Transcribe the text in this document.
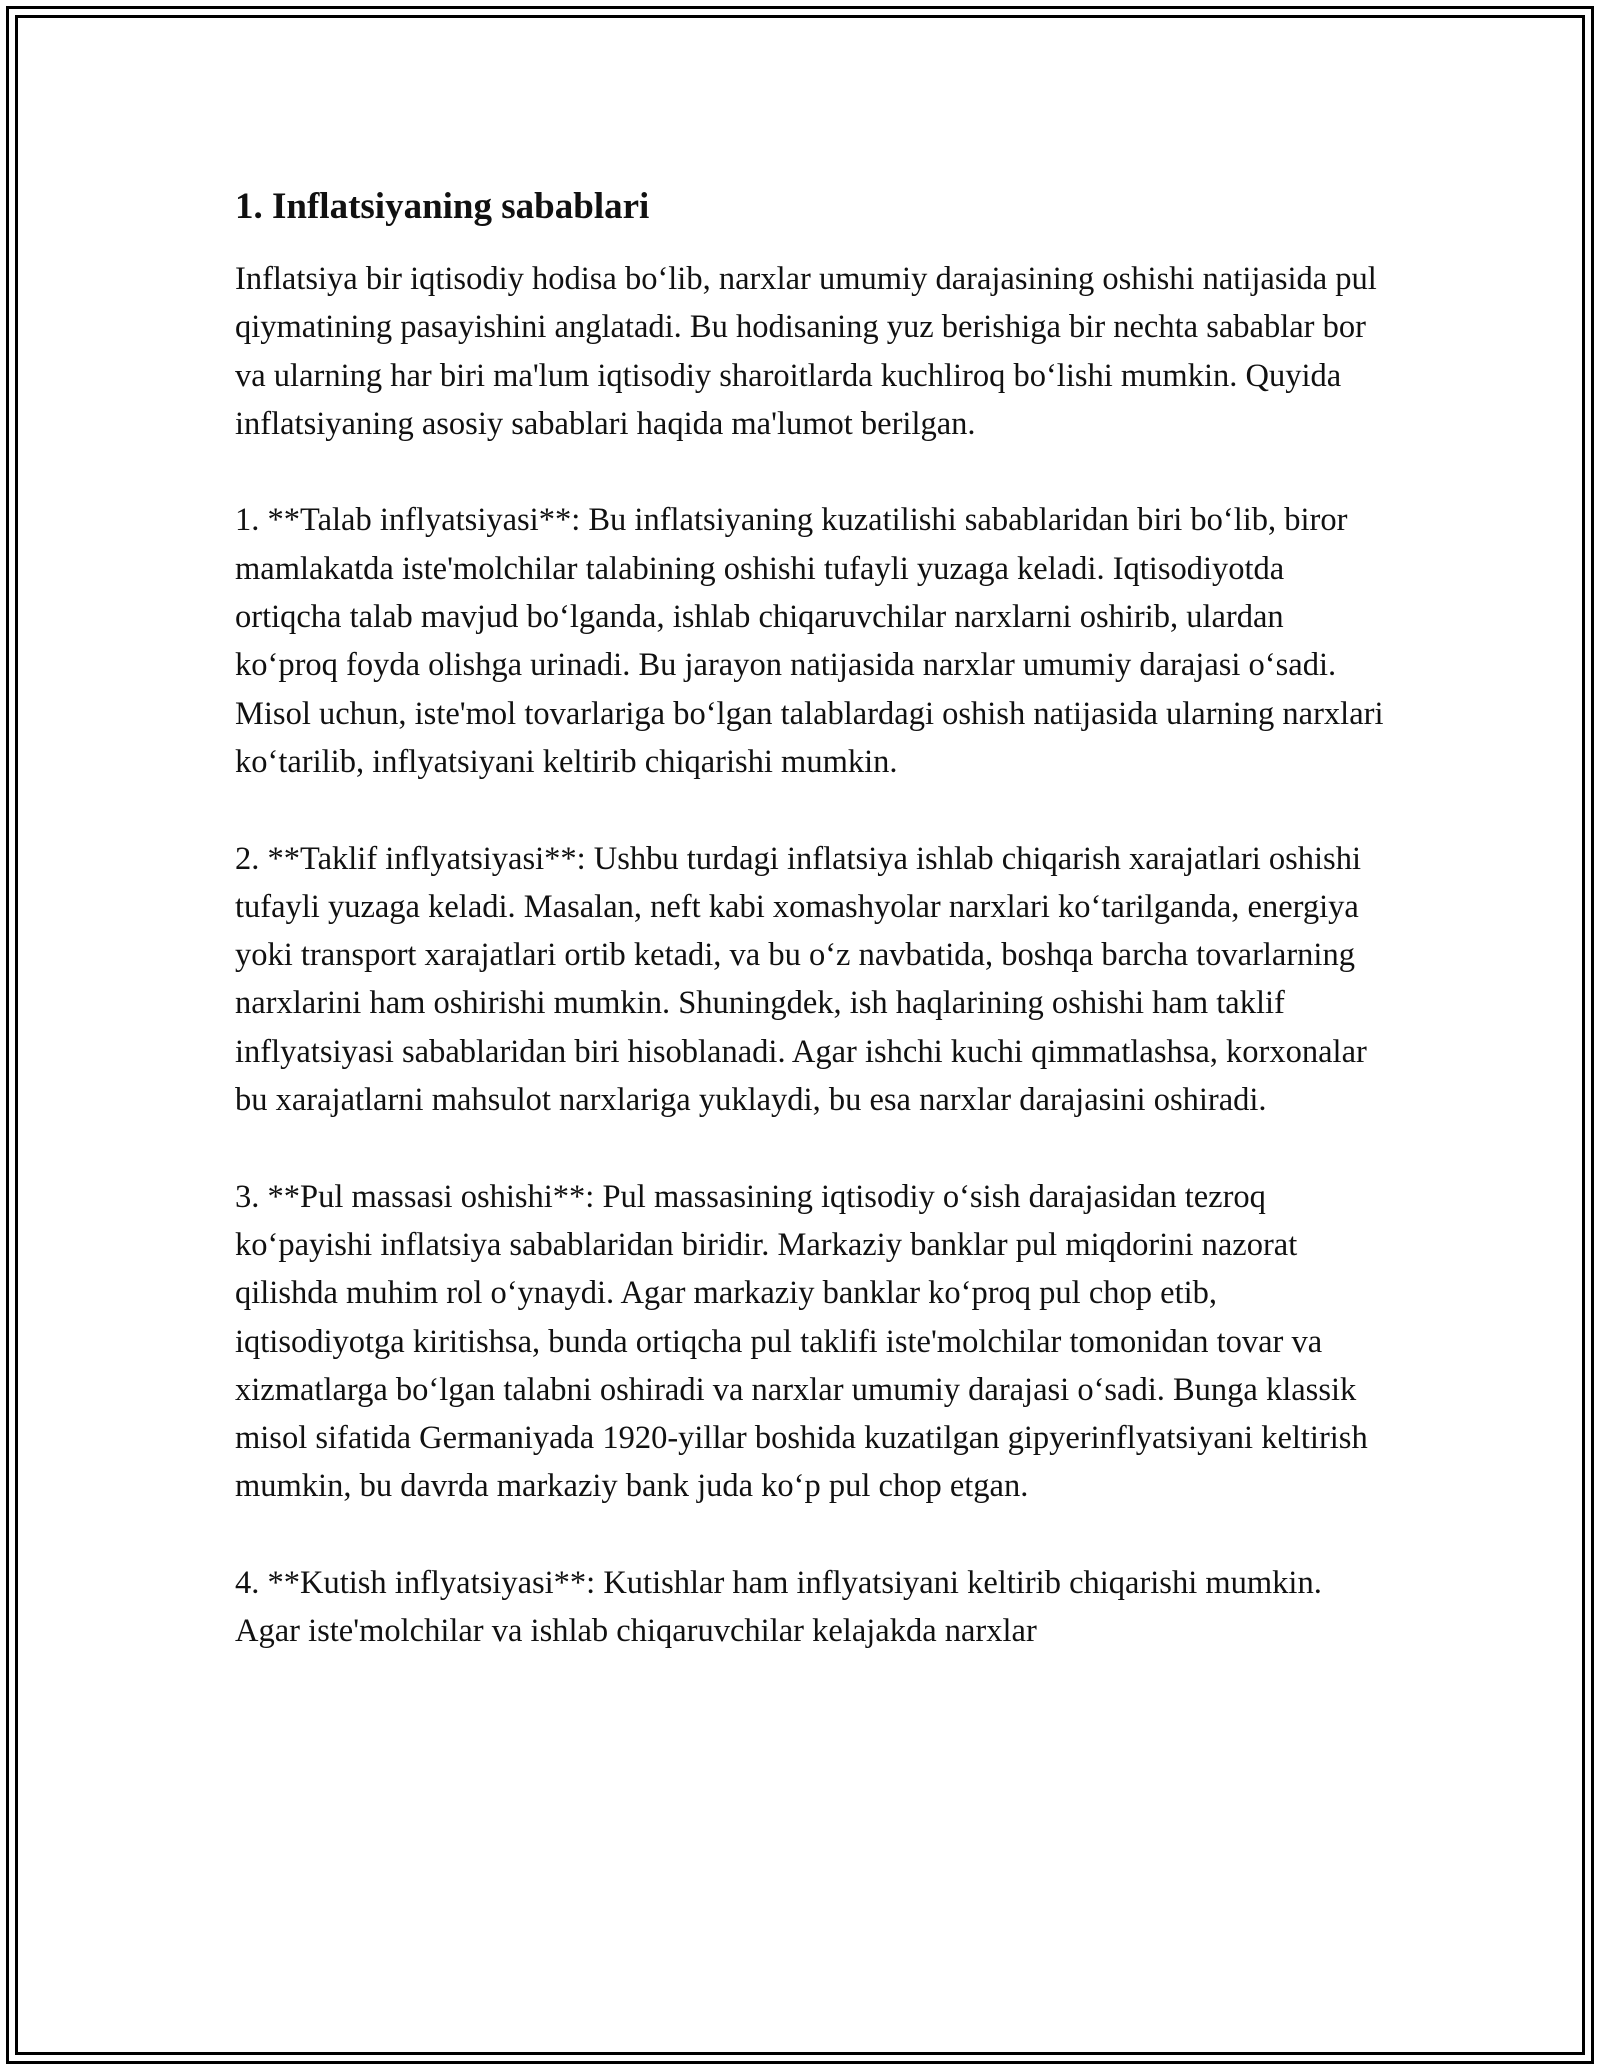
1. Inflatsiyaning sabablari

Inflatsiya bir iqtisodiy hodisa bo‘lib, narxlar umumiy darajasining oshishi natijasida pul qiymatining pasayishini anglatadi. Bu hodisaning yuz berishiga bir nechta sabablar bor va ularning har biri ma'lum iqtisodiy sharoitlarda kuchliroq bo‘lishi mumkin. Quyida inflatsiyaning asosiy sabablari haqida ma'lumot berilgan.

1. **Talab inflyatsiyasi**: Bu inflatsiyaning kuzatilishi sabablaridan biri bo‘lib, biror mamlakatda iste'molchilar talabining oshishi tufayli yuzaga keladi. Iqtisodiyotda ortiqcha talab mavjud bo‘lganda, ishlab chiqaruvchilar narxlarni oshirib, ulardan ko‘proq foyda olishga urinadi. Bu jarayon natijasida narxlar umumiy darajasi o‘sadi. Misol uchun, iste'mol tovarlariga bo‘lgan talablardagi oshish natijasida ularning narxlari ko‘tarilib, inflyatsiyani keltirib chiqarishi mumkin.

2. **Taklif inflyatsiyasi**: Ushbu turdagi inflatsiya ishlab chiqarish xarajatlari oshishi tufayli yuzaga keladi. Masalan, neft kabi xomashyolar narxlari ko‘tarilganda, energiya yoki transport xarajatlari ortib ketadi, va bu o‘z navbatida, boshqa barcha tovarlarning narxlarini ham oshirishi mumkin. Shuningdek, ish haqlarining oshishi ham taklif inflyatsiyasi sabablaridan biri hisoblanadi. Agar ishchi kuchi qimmatlashsa, korxonalar bu xarajatlarni mahsulot narxlariga yuklaydi, bu esa narxlar darajasini oshiradi.

3. **Pul massasi oshishi**: Pul massasining iqtisodiy o‘sish darajasidan tezroq ko‘payishi inflatsiya sabablaridan biridir. Markaziy banklar pul miqdorini nazorat qilishda muhim rol o‘ynaydi. Agar markaziy banklar ko‘proq pul chop etib, iqtisodiyotga kiritishsa, bunda ortiqcha pul taklifi iste'molchilar tomonidan tovar va xizmatlarga bo‘lgan talabni oshiradi va narxlar umumiy darajasi o‘sadi. Bunga klassik misol sifatida Germaniyada 1920-yillar boshida kuzatilgan gipyerinflyatsiyani keltirish mumkin, bu davrda markaziy bank juda ko‘p pul chop etgan.

4. **Kutish inflyatsiyasi**: Kutishlar ham inflyatsiyani keltirib chiqarishi mumkin. Agar iste'molchilar va ishlab chiqaruvchilar kelajakda narxlar
